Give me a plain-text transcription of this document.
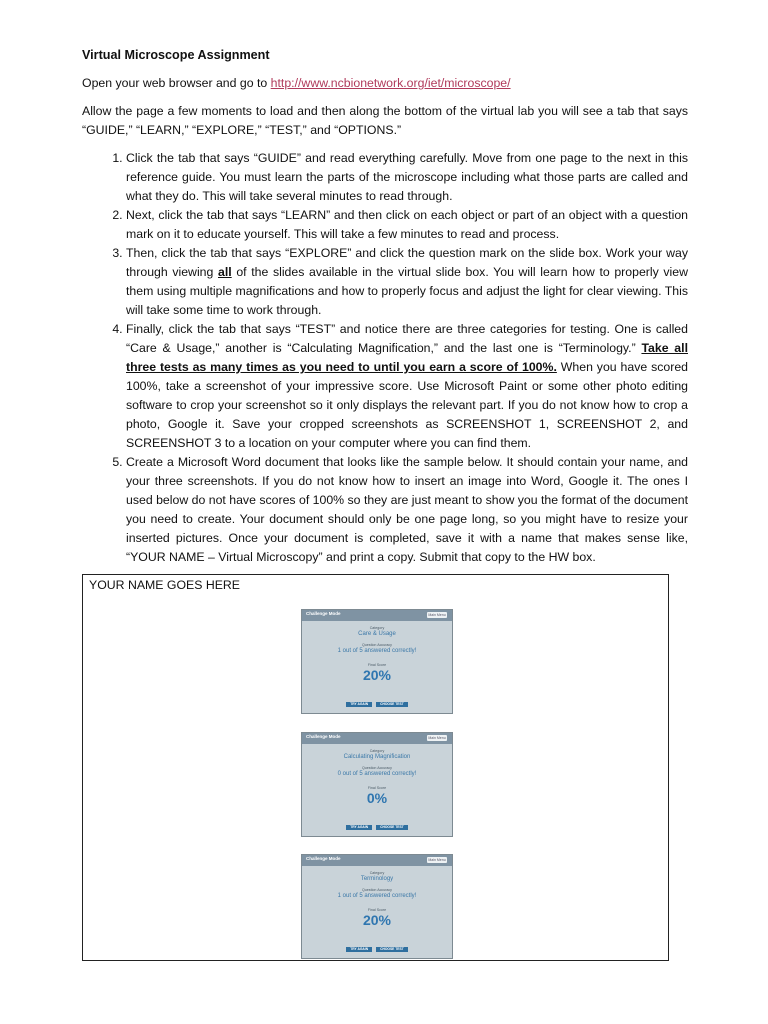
Virtual Microscope Assignment

Open your web browser and go to http://www.ncbionetwork.org/iet/microscope/

Allow the page a few moments to load and then along the bottom of the virtual lab you will see a tab that says “GUIDE,” “LEARN,” “EXPLORE,” “TEST,” and “OPTIONS.”

1. Click the tab that says “GUIDE” and read everything carefully. Move from one page to the next in this reference guide. You must learn the parts of the microscope including what those parts are called and what they do. This will take several minutes to read through.
2. Next, click the tab that says “LEARN” and then click on each object or part of an object with a question mark on it to educate yourself. This will take a few minutes to read and process.
3. Then, click the tab that says “EXPLORE” and click the question mark on the slide box. Work your way through viewing all of the slides available in the virtual slide box. You will learn how to properly view them using multiple magnifications and how to properly focus and adjust the light for clear viewing. This will take some time to work through.
4. Finally, click the tab that says “TEST” and notice there are three categories for testing. One is called “Care & Usage,” another is “Calculating Magnification,” and the last one is “Terminology.” Take all three tests as many times as you need to until you earn a score of 100%. When you have scored 100%, take a screenshot of your impressive score. Use Microsoft Paint or some other photo editing software to crop your screenshot so it only displays the relevant part. If you do not know how to crop a photo, Google it. Save your cropped screenshots as SCREENSHOT 1, SCREENSHOT 2, and SCREENSHOT 3 to a location on your computer where you can find them.
5. Create a Microsoft Word document that looks like the sample below. It should contain your name, and your three screenshots. If you do not know how to insert an image into Word, Google it. The ones I used below do not have scores of 100% so they are just meant to show you the format of the document you need to create. Your document should only be one page long, so you might have to resize your inserted pictures. Once your document is completed, save it with a name that makes sense like, “YOUR NAME – Virtual Microscopy” and print a copy. Submit that copy to the HW box.
YOUR NAME GOES HERE
Challenge Mode	Main Menu
Category
Care & Usage
Question Accuracy
1 out of 5 answered correctly!
Final Score
20%
TRY AGAIN	CHOOSE TEST
Challenge Mode	Main Menu
Category
Calculating Magnification
Question Accuracy
0 out of 5 answered correctly!
Final Score
0%
TRY AGAIN	CHOOSE TEST
Challenge Mode	Main Menu
Category
Terminology
Question Accuracy
1 out of 5 answered correctly!
Final Score
20%
TRY AGAIN	CHOOSE TEST
